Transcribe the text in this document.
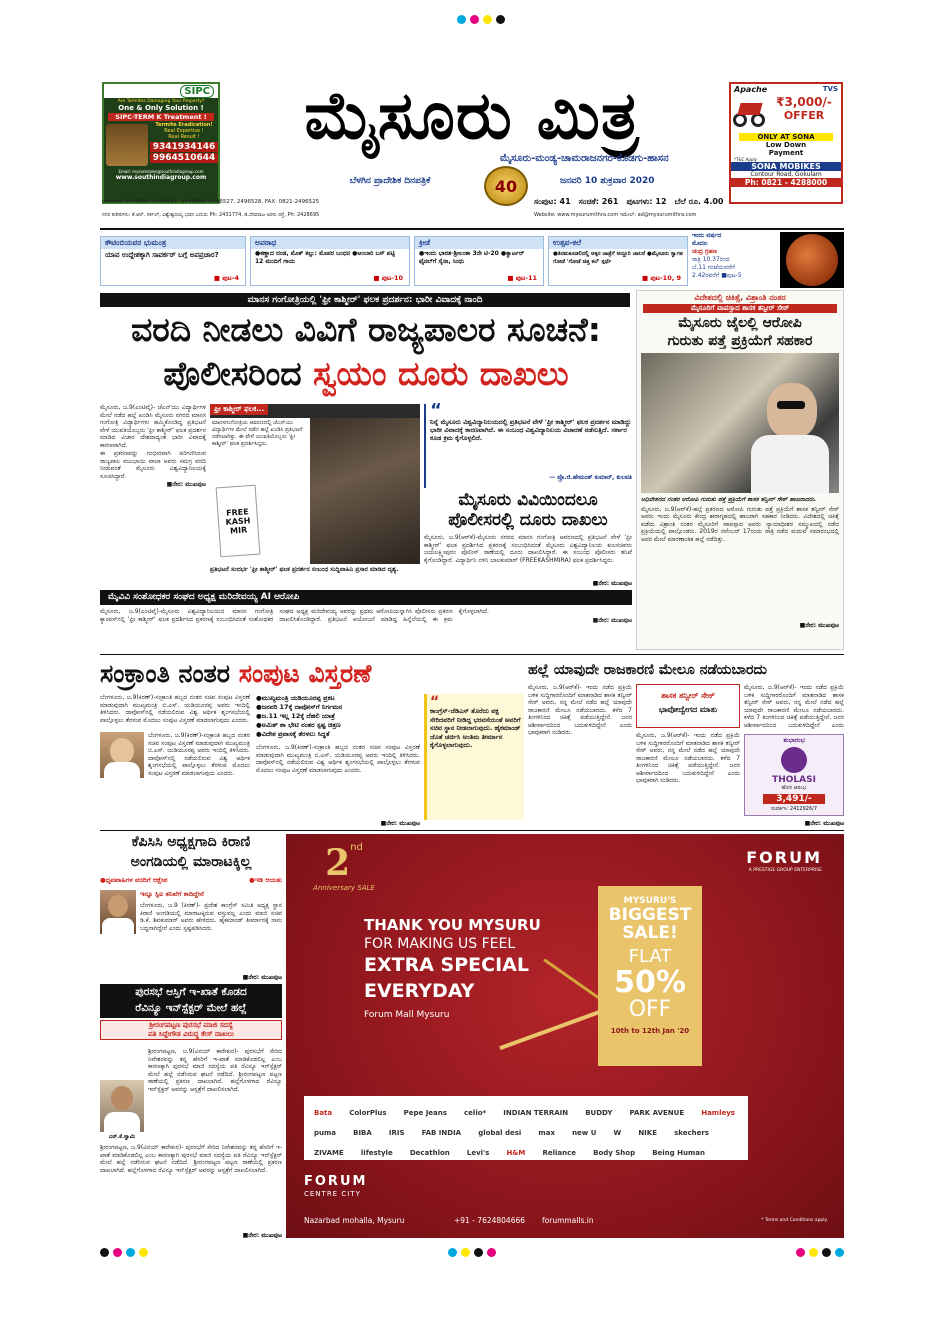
SIPC
Are Termites Damaging Your Property?
One & Only Solution !
SIPC-TERM K Treatment !
Termite Eradication!
Real Expertise !
Real Result !
9341934146
9964510644
Email: mysoresales@southindiagroup.com
www.southindiagroup.com
ಮೈಸೂರು ಮಿತ್ರ
ಮೈಸೂರು-ಮಂಡ್ಯ-ಚಾಮರಾಜನಗರ-ಕೊಡಗು-ಹಾಸನ
ಬೆಳಗಿನ ಪ್ರಾದೇಶಿಕ ದಿನಪತ್ರಿಕೆ	40	ಜನವರಿ 10 ಶುಕ್ರವಾರ 2020
ಸಂಪುಟ: 41 ಸಂಚಿಕೆ: 261 ಪುಟಗಳು: 12 ಬೆಲೆ ರೂ. 4.00
ದೂರವಾಣಿ: 2496520, 2496521, 2496526, 2496527, 2496528, FAX: 0821-2496525
ನಗರ ಕಚೇರಿಗಳು: ಕೆ.ಆರ್. ಸರ್ಕಲ್, ವಿಶ್ವೇಶ್ವರಯ್ಯ ಭವನ ಎದುರು Ph: 2431774, ಡಿ.ದೇವರಾಜ ಅರಸು ರಸ್ತೆ, Ph: 2428695	Website: www.mysurumithra.com ಇಮೇಲ್: ad@mysurumithra.com
Apache	TVS
₹3,000/-
OFFER
ONLY AT SONA
Low Down
Payment
*T&C Apply
SONA MOBIKES
Contour Road, Gokulam
Ph: 0821 - 4288000
ಕೌಟಿಂಬಿಯವರ ಭುಮಂತ್ರ
ಯಾವ ಉದ್ದೇಶಕ್ಕಾಗಿ ಸಾವರ್ಕರ್ ಬಗ್ಗೆ ಅಪಪ್ರಚಾರ?
■ ಪುಟ-4
ಅಪರಾಧ
●ಕಣ್ಣಾದ ದಂಡ, ಮೊಕ್ ಕಲ್ಲು: ಮೊಪರ ಬಂಧನ ●ಅಂಬಾರಿ ಬಸ್‌ ಪಟ್ಟಿ 12 ಮಂದಿಗೆ ಗಾಯ
■ ಪುಟ-10
ಕ್ರೀಡೆ
●ಇಂದು ಭಾರತ-ಶ್ರೀಲಂಕಾ 3ನೇ ಟಿ-20 ●ಕ್ವಾರ್ಟರ್ ಫೈನಲ್‌ಗೆ ಸೈನಾ, ಸಿಂಧು
■ ಪುಟ-11
ಉತ್ಸವ-ಕಲೆ
●ತಿರಮಕೂಡಲಿನಲ್ಲಿ ಅಕ್ಕರ ಚಾತ್ರೆಗೆ ಅದ್ದೂರಿ ಚಾಲನೆ ●ಮೈಸೂರು ಸ್ವಾಗತ ಗೋಡೆ 'ಗೋಡೆ ಚಿತ್ತ ಕಲೆ' ಸ್ಪರ್ಧೆ
■ ಪುಟ-10, 9
ಇಂದು ವರ್ಷದ
ಮೊದಲ
ಚಂದ್ರ ಗ್ರಹಣ
ರಾತ್ರಿ 10.37ರಿಂದ
ಬೆ.11 ಗಂಟೆಯವರೆಗೆ
2.42ರವರೆಗೆ ■ಪುಟ-5
ಮಾನಸ ಗಂಗೋತ್ರಿಯಲ್ಲಿ 'ಫ್ರೀ ಕಾಶ್ಮೀರ್' ಫಲಕ ಪ್ರದರ್ಶನ: ಭಾರೀ ವಿವಾದಕ್ಕೆ ನಾಂದಿ
ವರದಿ ನೀಡಲು ವಿವಿಗೆ ರಾಜ್ಯಪಾಲರ ಸೂಚನೆ:
ಪೊಲೀಸರಿಂದ ಸ್ವಯಂ ದೂರು ದಾಖಲು

ಮೈಸೂರು, ಜ.9(ಎಂಟಿವೈ)- ಜೆಎನ್‌ಯು ವಿದ್ಯಾರ್ಥಿಗಳ ಮೇಲೆ ನಡೆದ ಹಲ್ಲೆ ಖಂಡಿಸಿ ಮೈಸೂರು ನಗರದ ಮಾನಸ ಗಂಗೋತ್ರಿ ವಿದ್ಯಾರ್ಥಿಗಳು ಹಮ್ಮಿಕೊಂಡಿದ್ದ ಪ್ರತಿಭಟನೆ ವೇಳೆ ಯುವತಿಯೊಬ್ಬರು 'ಫ್ರೀ ಕಾಶ್ಮೀರ್' ಫಲಕ ಪ್ರದರ್ಶನ ಮಾಡಿದ ವಿಚಾರ ದೇಶದಾದ್ಯಂತ ಭಾರೀ ವಿವಾದಕ್ಕೆ ಕಾರಣವಾಗಿದೆ.

ಈ ಪ್ರಕರಣವನ್ನು ಗಂಭೀರವಾಗಿ ಪರಿಗಣಿಸಿರುವ ರಾಜ್ಯಪಾಲ ವಜುಭಾಯಿ ವಾಲಾ ಅವರು ಸಮಗ್ರ ವರದಿ ನೀಡುವಂತೆ ಮೈಸೂರು ವಿಶ್ವವಿದ್ಯಾನಿಲಯಕ್ಕೆ ಸೂಚಿಸಿದ್ದಾರೆ.

■ನೇರ: ಮುಖಪುಟ
ಫ್ರೀ ಕಾಶ್ಮೀರ್ ಫಲಕ...
ಮಾನಸಗಂಗೋತ್ರಿಯ ಆವರಣದಲ್ಲಿ ಜೆಎನ್‌ಯು ವಿದ್ಯಾರ್ಥಿಗಳ ಮೇಲೆ ನಡೆದ ಹಲ್ಲೆ ಖಂಡಿಸಿ ಪ್ರತಿಭಟನೆ ನಡೆಸಲಾಗಿತ್ತು. ಈ ವೇಳೆ ಯುವತಿಯೊಬ್ಬರು 'ಫ್ರೀ ಕಾಶ್ಮೀರ್' ಫಲಕ ಪ್ರದರ್ಶಿಸಿದ್ದರು.
FREE KASHMIR
ಪ್ರತಿಭಟನೆ ಸಂದರ್ಭ 'ಫ್ರೀ ಕಾಶ್ಮೀರ್' ಫಲಕ ಪ್ರದರ್ಶನ ಸಂಬಂಧ ಸುದ್ದಿವಾಹಿನಿ ಪ್ರಸಾರ ಮಾಡಿದ ದೃಶ್ಯ.
“
ನಿನ್ನೆ ಮೈಸೂರು ವಿಶ್ವವಿದ್ಯಾನಿಲಯದಲ್ಲಿ ಪ್ರತಿಭಟನೆ ವೇಳೆ 'ಫ್ರೀ ಕಾಶ್ಮೀರ್' ಫಲಕ ಪ್ರದರ್ಶನ ಮಾಡಿದ್ದು ಭಾರೀ ವಿವಾದಕ್ಕೆ ಕಾರಣವಾಗಿದೆ. ಈ ಸಂಬಂಧ ವಿಶ್ವವಿದ್ಯಾನಿಲಯ ವಿಚಾರಣೆ ನಡೆಸುತ್ತಿದೆ. ಸರ್ಕಾರ ಕೂಡ ಕ್ರಮ ಕೈಗೊಳ್ಳಲಿದೆ.
— ಪ್ರೊ.ಜಿ.ಹೇಮಂತ್ ಕುಮಾರ್, ಕುಲಪತಿ
ಮೈಸೂರು ವಿವಿಯಿಂದಲೂ
ಪೊಲೀಸರಲ್ಲಿ ದೂರು ದಾಖಲು

ಮೈಸೂರು, ಜ.9(ಆರ್‌ಕೆ)-ಮೈಸೂರು ನಗರದ ಮಾನಸ ಗಂಗೋತ್ರಿ ಆವರಣದಲ್ಲಿ ಪ್ರತಿಭಟನೆ ವೇಳೆ 'ಫ್ರೀ ಕಾಶ್ಮೀರ್' ಫಲಕ ಪ್ರದರ್ಶಿಸಿದ ಪ್ರಕರಣಕ್ಕೆ ಸಂಬಂಧಿಸಿದಂತೆ ಮೈಸೂರು ವಿಶ್ವವಿದ್ಯಾನಿಲಯ ಕುಲಸಚಿವರು ಜಯಲಕ್ಷ್ಮೀಪುರಂ ಪೊಲೀಸ್ ಠಾಣೆಯಲ್ಲಿ ದೂರು ದಾಖಲಿಸಿದ್ದಾರೆ. ಈ ಸಂಬಂಧ ಪೊಲೀಸರು ತನಿಖೆ ಕೈಗೊಂಡಿದ್ದಾರೆ. ವಿದ್ಯಾರ್ಥಿನಿ ನಳಿನಿ ಬಾಲಕುಮಾರ್ (FREEKASHMIRA) ಫಲಕ ಪ್ರದರ್ಶಿಸಿದ್ದರು.

■ನೇರ: ಮುಖಪುಟ
ಮೈವಿವಿ ಸಂಶೋಧಕರ ಸಂಘದ ಅಧ್ಯಕ್ಷ ಮರಿದೇವಯ್ಯ AI ಆರೋಪಿ

ಮೈಸೂರು, ಜ.9(ಎಂಟಿವೈ)-ಮೈಸೂರು ವಿಶ್ವವಿದ್ಯಾನಿಲಯದ ಮಾನಸ ಗಂಗೋತ್ರಿ ಕ್ಯಾಂಪಸ್‌ನಲ್ಲಿ 'ಫ್ರೀ ಕಾಶ್ಮೀರ್' ಫಲಕ ಪ್ರದರ್ಶಿಸಿದ ಪ್ರಕರಣಕ್ಕೆ ಸಂಬಂಧಿಸಿದಂತೆ ಸಂಶೋಧಕರ ಸಂಘದ ಅಧ್ಯಕ್ಷ ಮರಿದೇವಯ್ಯ ಅವರನ್ನು ಪ್ರಥಮ ಆರೋಪಿಯನ್ನಾಗಿಸಿ ಪೊಲೀಸರು ಪ್ರಕರಣ ದಾಖಲಿಸಿಕೊಂಡಿದ್ದಾರೆ. ಪ್ರತಿಭಟನೆ ಆಯೋಜನೆ ಮಾಡಿದ್ದ ಹಿನ್ನೆಲೆಯಲ್ಲಿ ಈ ಕ್ರಮ ಕೈಗೊಳ್ಳಲಾಗಿದೆ.

■ನೇರ: ಮುಖಪುಟ
ವಿದೇಶದಲ್ಲಿ ಚಿಕಿತ್ಸೆ, ವಿಶ್ರಾಂತಿ ನಂತರ
ಮೈಸೂರಿಗೆ ವಾಪಸ್ಸಾದ ಶಾಸಕ ತನ್ವೀರ್ ಸೇಠ್
ಮೈಸೂರು ಜೈಲಲ್ಲಿ ಆರೋಪಿ
ಗುರುತು ಪತ್ತೆ ಪ್ರಕ್ರಿಯೆಗೆ ಸಹಕಾರ
ಅಧಿವೇಶನದ ನಂತರ ಆರೋಪಿ ಗುರುತು ಪತ್ತೆ ಪ್ರಕ್ರಿಯೆಗೆ ಶಾಸಕ ತನ್ವೀರ್ ಸೇಠ್ ಹಾಜರಾದರು.

ಮೈಸೂರು, ಜ.9(ಆರ್‌ಕೆ)-ಹಲ್ಲೆ ಪ್ರಕರಣದ ಆರೋಪಿ ಗುರುತು ಪತ್ತೆ ಪ್ರಕ್ರಿಯೆಗೆ ಶಾಸಕ ತನ್ವೀರ್ ಸೇಠ್ ಅವರು ಇಂದು ಮೈಸೂರು ಕೇಂದ್ರ ಕಾರಾಗೃಹದಲ್ಲಿ ಹಾಜರಾಗಿ ಸಹಕಾರ ನೀಡಿದರು. ವಿದೇಶದಲ್ಲಿ ಚಿಕಿತ್ಸೆ ಪಡೆದು ವಿಶ್ರಾಂತಿ ನಂತರ ಮೈಸೂರಿಗೆ ವಾಪಸ್ಸಾದ ಅವರು ನ್ಯಾಯಾಧೀಶರ ಸಮ್ಮುಖದಲ್ಲಿ ನಡೆದ ಪ್ರಕ್ರಿಯೆಯಲ್ಲಿ ಪಾಲ್ಗೊಂಡರು. 2019ರ ನವೆಂಬರ್ 17ರಂದು ರಾತ್ರಿ ನಡೆದ ಮದುವೆ ಸಮಾರಂಭದಲ್ಲಿ ಅವರ ಮೇಲೆ ಮಾರಣಾಂತಿಕ ಹಲ್ಲೆ ನಡೆದಿತ್ತು.

■ನೇರ: ಮುಖಪುಟ
ಸಂಕ್ರಾಂತಿ ನಂತರ ಸಂಪುಟ ವಿಸ್ತರಣೆ

ಬೆಂಗಳೂರು, ಜ.9(ಕಿರಣ್)-ಸಂಕ್ರಾಂತಿ ಹಬ್ಬದ ನಂತರ ಸಚಿವ ಸಂಪುಟ ವಿಸ್ತರಣೆ ಮಾಡುವುದಾಗಿ ಮುಖ್ಯಮಂತ್ರಿ ಬಿ.ಎಸ್. ಯಡಿಯೂರಪ್ಪ ಅವರು ಇಂದಿಲ್ಲಿ ತಿಳಿಸಿದರು. ದಾವೋಸ್‌ನಲ್ಲಿ ನಡೆಯಲಿರುವ ವಿಶ್ವ ಆರ್ಥಿಕ ಶೃಂಗಸಭೆಯಲ್ಲಿ ಪಾಲ್ಗೊಳ್ಳಲು ತೆರಳುವ ಮೊದಲು ಸಂಪುಟ ವಿಸ್ತರಣೆ ಮಾಡಲಾಗುವುದು ಎಂದರು.

ಬೆಂಗಳೂರು, ಜ.9(ಕಿರಣ್)-ಸಂಕ್ರಾಂತಿ ಹಬ್ಬದ ನಂತರ ಸಚಿವ ಸಂಪುಟ ವಿಸ್ತರಣೆ ಮಾಡುವುದಾಗಿ ಮುಖ್ಯಮಂತ್ರಿ ಬಿ.ಎಸ್. ಯಡಿಯೂರಪ್ಪ ಅವರು ಇಂದಿಲ್ಲಿ ತಿಳಿಸಿದರು. ದಾವೋಸ್‌ನಲ್ಲಿ ನಡೆಯಲಿರುವ ವಿಶ್ವ ಆರ್ಥಿಕ ಶೃಂಗಸಭೆಯಲ್ಲಿ ಪಾಲ್ಗೊಳ್ಳಲು ತೆರಳುವ ಮೊದಲು ಸಂಪುಟ ವಿಸ್ತರಣೆ ಮಾಡಲಾಗುವುದು ಎಂದರು.

●ಮುಖ್ಯಮಂತ್ರಿ ಯಡಿಯೂರಪ್ಪ ಪ್ರಕಟ
●ಜನವರಿ 17ಕ್ಕೆ ದಾವೋಸ್‌ಗೆ ನಿರ್ಗಮನ
●ಜ.11 ಇಲ್ಲ 12ಕ್ಕೆ ದೆಹಲಿ ಯಾತ್ರೆ
●ಅಮಿತ್ ಶಾ ಭೇಟಿ ನಂತರ ಸ್ಪಷ್ಟ ಚಿತ್ರಣ
●ವಿದೇಶ ಪ್ರವಾಸಕ್ಕೆ ತೆರಳಲು ಸಿದ್ಧತೆ

ಬೆಂಗಳೂರು, ಜ.9(ಕಿರಣ್)-ಸಂಕ್ರಾಂತಿ ಹಬ್ಬದ ನಂತರ ಸಚಿವ ಸಂಪುಟ ವಿಸ್ತರಣೆ ಮಾಡುವುದಾಗಿ ಮುಖ್ಯಮಂತ್ರಿ ಬಿ.ಎಸ್. ಯಡಿಯೂರಪ್ಪ ಅವರು ಇಂದಿಲ್ಲಿ ತಿಳಿಸಿದರು. ದಾವೋಸ್‌ನಲ್ಲಿ ನಡೆಯಲಿರುವ ವಿಶ್ವ ಆರ್ಥಿಕ ಶೃಂಗಸಭೆಯಲ್ಲಿ ಪಾಲ್ಗೊಳ್ಳಲು ತೆರಳುವ ಮೊದಲು ಸಂಪುಟ ವಿಸ್ತರಣೆ ಮಾಡಲಾಗುವುದು ಎಂದರು.

■ನೇರ: ಮುಖಪುಟ
“
ಕಾಂಗ್ರೆಸ್-ಜೆಡಿಎಸ್ ತೊರೆದು ಪಕ್ಷ ಸೇರಿದವರಿಗೆ ನೀಡಿದ್ದ ಭರವಸೆಯಂತೆ ಅವರಿಗೆ ಸಚಿವ ಸ್ಥಾನ ನೀಡಲಾಗುವುದು. ಹೈಕಮಾಂಡ್ ಜೊತೆ ಚರ್ಚಿಸಿ ಅಂತಿಮ ತೀರ್ಮಾನ ಕೈಗೊಳ್ಳಲಾಗುವುದು.
ಹಲ್ಲೆ ಯಾವುದೇ ರಾಜಕಾರಣಿ ಮೇಲೂ ನಡೆಯಬಾರದು
ಶಾಸಕ ತನ್ವೀರ್ ಸೇಠ್
ಭಾವೋದ್ವೇಗದ ಮಾತು

ಮೈಸೂರು, ಜ.9(ಆರ್‌ಕೆ)- ಇಂದು ನಡೆದ ಪ್ರಕ್ರಿಯೆ ಬಳಿಕ ಸುದ್ದಿಗಾರರೊಂದಿಗೆ ಮಾತನಾಡಿದ ಶಾಸಕ ತನ್ವೀರ್ ಸೇಠ್ ಅವರು, ನನ್ನ ಮೇಲೆ ನಡೆದ ಹಲ್ಲೆ ಯಾವುದೇ ರಾಜಕಾರಣಿ ಮೇಲೂ ನಡೆಯಬಾರದು. ಕಳೆದ 7 ತಿಂಗಳಿನಿಂದ ಚಿಕಿತ್ಸೆ ಪಡೆಯುತ್ತಿದ್ದೇನೆ. ಜನರ ಆಶೀರ್ವಾದದಿಂದ ಬದುಕುಳಿದಿದ್ದೇನೆ ಎಂದು ಭಾವುಕರಾಗಿ ನುಡಿದರು.	ಮೈಸೂರು, ಜ.9(ಆರ್‌ಕೆ)- ಇಂದು ನಡೆದ ಪ್ರಕ್ರಿಯೆ ಬಳಿಕ ಸುದ್ದಿಗಾರರೊಂದಿಗೆ ಮಾತನಾಡಿದ ಶಾಸಕ ತನ್ವೀರ್ ಸೇಠ್ ಅವರು, ನನ್ನ ಮೇಲೆ ನಡೆದ ಹಲ್ಲೆ ಯಾವುದೇ ರಾಜಕಾರಣಿ ಮೇಲೂ ನಡೆಯಬಾರದು. ಕಳೆದ 7 ತಿಂಗಳಿನಿಂದ ಚಿಕಿತ್ಸೆ ಪಡೆಯುತ್ತಿದ್ದೇನೆ. ಜನರ ಆಶೀರ್ವಾದದಿಂದ ಬದುಕುಳಿದಿದ್ದೇನೆ ಎಂದು ಭಾವುಕರಾಗಿ ನುಡಿದರು.

ಮೈಸೂರು, ಜ.9(ಆರ್‌ಕೆ)- ಇಂದು ನಡೆದ ಪ್ರಕ್ರಿಯೆ ಬಳಿಕ ಸುದ್ದಿಗಾರರೊಂದಿಗೆ ಮಾತನಾಡಿದ ಶಾಸಕ ತನ್ವೀರ್ ಸೇಠ್ ಅವರು, ನನ್ನ ಮೇಲೆ ನಡೆದ ಹಲ್ಲೆ ಯಾವುದೇ ರಾಜಕಾರಣಿ ಮೇಲೂ ನಡೆಯಬಾರದು. ಕಳೆದ 7 ತಿಂಗಳಿನಿಂದ ಚಿಕಿತ್ಸೆ ಪಡೆಯುತ್ತಿದ್ದೇನೆ. ಜನರ ಆಶೀರ್ವಾದದಿಂದ ಬದುಕುಳಿದಿದ್ದೇನೆ ಎಂದು

■ನೇರ: ಮುಖಪುಟ
ಶುಭಾರಂಭ
THOLASI
ಹೊಸ ಆರಂಭ
3,491/-
ಸಂಪರ್ಕಿಸಿ: 2412926/7
ಕೆಪಿಸಿಸಿ ಅಧ್ಯಕ್ಷಗಾದಿ ಕಿರಾಣಿ
ಅಂಗಡಿಯಲ್ಲಿ ಮಾರಾಟಕ್ಕಿಲ್ಲ
●ಧೃವಪಾಹಿಗಳ ವರದಿಗೆ ಆಕ್ಷೇಪ	●ಇಡಿ ಆಯತು
ಇನ್ನೂ ಸ್ಪಿಐ ತನಿಖೆಗೆ ಕಾದಿದ್ದೇನೆ

ಬೆಂಗಳೂರು, ಜ.9 (ಕಿರಣ್)- ಪ್ರದೇಶ ಕಾಂಗ್ರೆಸ್ ಸಮಿತಿ ಅಧ್ಯಕ್ಷ ಸ್ಥಾನ ಕಿರಾಣಿ ಅಂಗಡಿಯಲ್ಲಿ ಮಾರಾಟಕ್ಕಿರುವ ವಸ್ತುವಲ್ಲ ಎಂದು ಮಾಜಿ ಸಚಿವ ಡಿ.ಕೆ. ಶಿವಕುಮಾರ್ ಅವರು ಹೇಳಿದರು. ಹೈಕಮಾಂಡ್ ತೀರ್ಮಾನಕ್ಕೆ ನಾನು ಬದ್ಧನಾಗಿದ್ದೇನೆ ಎಂದು ಸ್ಪಷ್ಟಪಡಿಸಿದರು.

■ನೇರ: ಮುಖಪುಟ
ಪುರಸಭೆ ಆಸ್ತಿಗೆ ಇ-ಖಾತೆ ಕೊಡದ
ರೆವಿನ್ಯೂ ಇನ್‌ಸ್ಪೆಕ್ಟರ್ ಮೇಲೆ ಹಲ್ಲೆ
ಶ್ರೀರಂಗಪಟ್ಟಣ ಪುರಸಭೆ ಮಾಜಿ ಸದಸ್ಯೆ
ಪತಿ ಸಿದ್ದೇಗೌಡ ವಿರುದ್ಧ ಕೇಸ್ ದಾಖಲು
ಎನ್.ಕೆ.ಸ್ವಾಮಿ

ಶ್ರೀರಂಗಪಟ್ಟಣ, ಜ.9(ವಿನಯ್ ಕಾರೇಕುರ)- ಪುರಸಭೆಗೆ ಸೇರಿದ ನಿವೇಶನವನ್ನು ತನ್ನ ಹೆಸರಿಗೆ ಇ-ಖಾತೆ ಮಾಡಿಕೊಡಲಿಲ್ಲ ಎಂಬ ಕಾರಣಕ್ಕಾಗಿ ಪುರಸಭೆ ಮಾಜಿ ಸದಸ್ಯೆಯ ಪತಿ ರೆವಿನ್ಯೂ ಇನ್‌ಸ್ಪೆಕ್ಟರ್ ಮೇಲೆ ಹಲ್ಲೆ ನಡೆಸಿರುವ ಘಟನೆ ನಡೆದಿದೆ. ಶ್ರೀರಂಗಪಟ್ಟಣ ಪಟ್ಟಣ ಠಾಣೆಯಲ್ಲಿ ಪ್ರಕರಣ ದಾಖಲಾಗಿದೆ. ಹಲ್ಲೆಗೊಳಗಾದ ರೆವಿನ್ಯೂ ಇನ್‌ಸ್ಪೆಕ್ಟರ್ ಅವರನ್ನು ಆಸ್ಪತ್ರೆಗೆ ದಾಖಲಿಸಲಾಗಿದೆ.

ಶ್ರೀರಂಗಪಟ್ಟಣ, ಜ.9(ವಿನಯ್ ಕಾರೇಕುರ)- ಪುರಸಭೆಗೆ ಸೇರಿದ ನಿವೇಶನವನ್ನು ತನ್ನ ಹೆಸರಿಗೆ ಇ-ಖಾತೆ ಮಾಡಿಕೊಡಲಿಲ್ಲ ಎಂಬ ಕಾರಣಕ್ಕಾಗಿ ಪುರಸಭೆ ಮಾಜಿ ಸದಸ್ಯೆಯ ಪತಿ ರೆವಿನ್ಯೂ ಇನ್‌ಸ್ಪೆಕ್ಟರ್ ಮೇಲೆ ಹಲ್ಲೆ ನಡೆಸಿರುವ ಘಟನೆ ನಡೆದಿದೆ. ಶ್ರೀರಂಗಪಟ್ಟಣ ಪಟ್ಟಣ ಠಾಣೆಯಲ್ಲಿ ಪ್ರಕರಣ ದಾಖಲಾಗಿದೆ. ಹಲ್ಲೆಗೊಳಗಾದ ರೆವಿನ್ಯೂ ಇನ್‌ಸ್ಪೆಕ್ಟರ್ ಅವರನ್ನು ಆಸ್ಪತ್ರೆಗೆ ದಾಖಲಿಸಲಾಗಿದೆ.

■ನೇರ: ಮುಖಪುಟ
2nd
Anniversary SALE
FORUM
A PRESTIGE GROUP ENTERPRISE
THANK YOU MYSURU
FOR MAKING US FEEL
EXTRA SPECIAL
EVERYDAY
Forum Mall Mysuru
MYSURU'S
BIGGEST
SALE!
FLAT
50%
OFF
10th to 12th Jan '20
Bata ColorPlus Pepe Jeans celio* INDIAN TERRAIN BUDDY PARK AVENUE Hamleys puma BIBA IRIS FAB INDIA global desi max new U W NIKE skechers ZIVAME lifestyle Decathlon Levi's H&M Reliance Body Shop Being Human
FORUM
CENTRE CITY
Nazarbad mohalla, Mysuru	+91 - 7624804666 forummalls.in	* Terms and Conditions apply.
